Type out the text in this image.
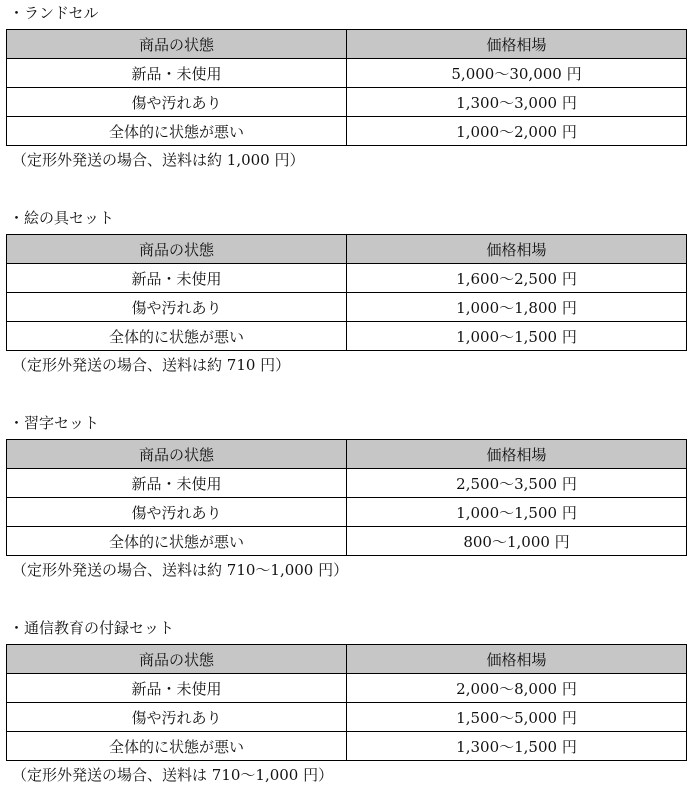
・ランドセル
商品の状態	価格相場
新品・未使用	5,000～30,000 円
傷や汚れあり	1,300～3,000 円
全体的に状態が悪い	1,000～2,000 円
（定形外発送の場合、送料は約 1,000 円）
・絵の具セット
商品の状態	価格相場
新品・未使用	1,600～2,500 円
傷や汚れあり	1,000～1,800 円
全体的に状態が悪い	1,000～1,500 円
（定形外発送の場合、送料は約 710 円）
・習字セット
商品の状態	価格相場
新品・未使用	2,500～3,500 円
傷や汚れあり	1,000～1,500 円
全体的に状態が悪い	800～1,000 円
（定形外発送の場合、送料は約 710～1,000 円）
・通信教育の付録セット
商品の状態	価格相場
新品・未使用	2,000～8,000 円
傷や汚れあり	1,500～5,000 円
全体的に状態が悪い	1,300～1,500 円
（定形外発送の場合、送料は 710～1,000 円）
